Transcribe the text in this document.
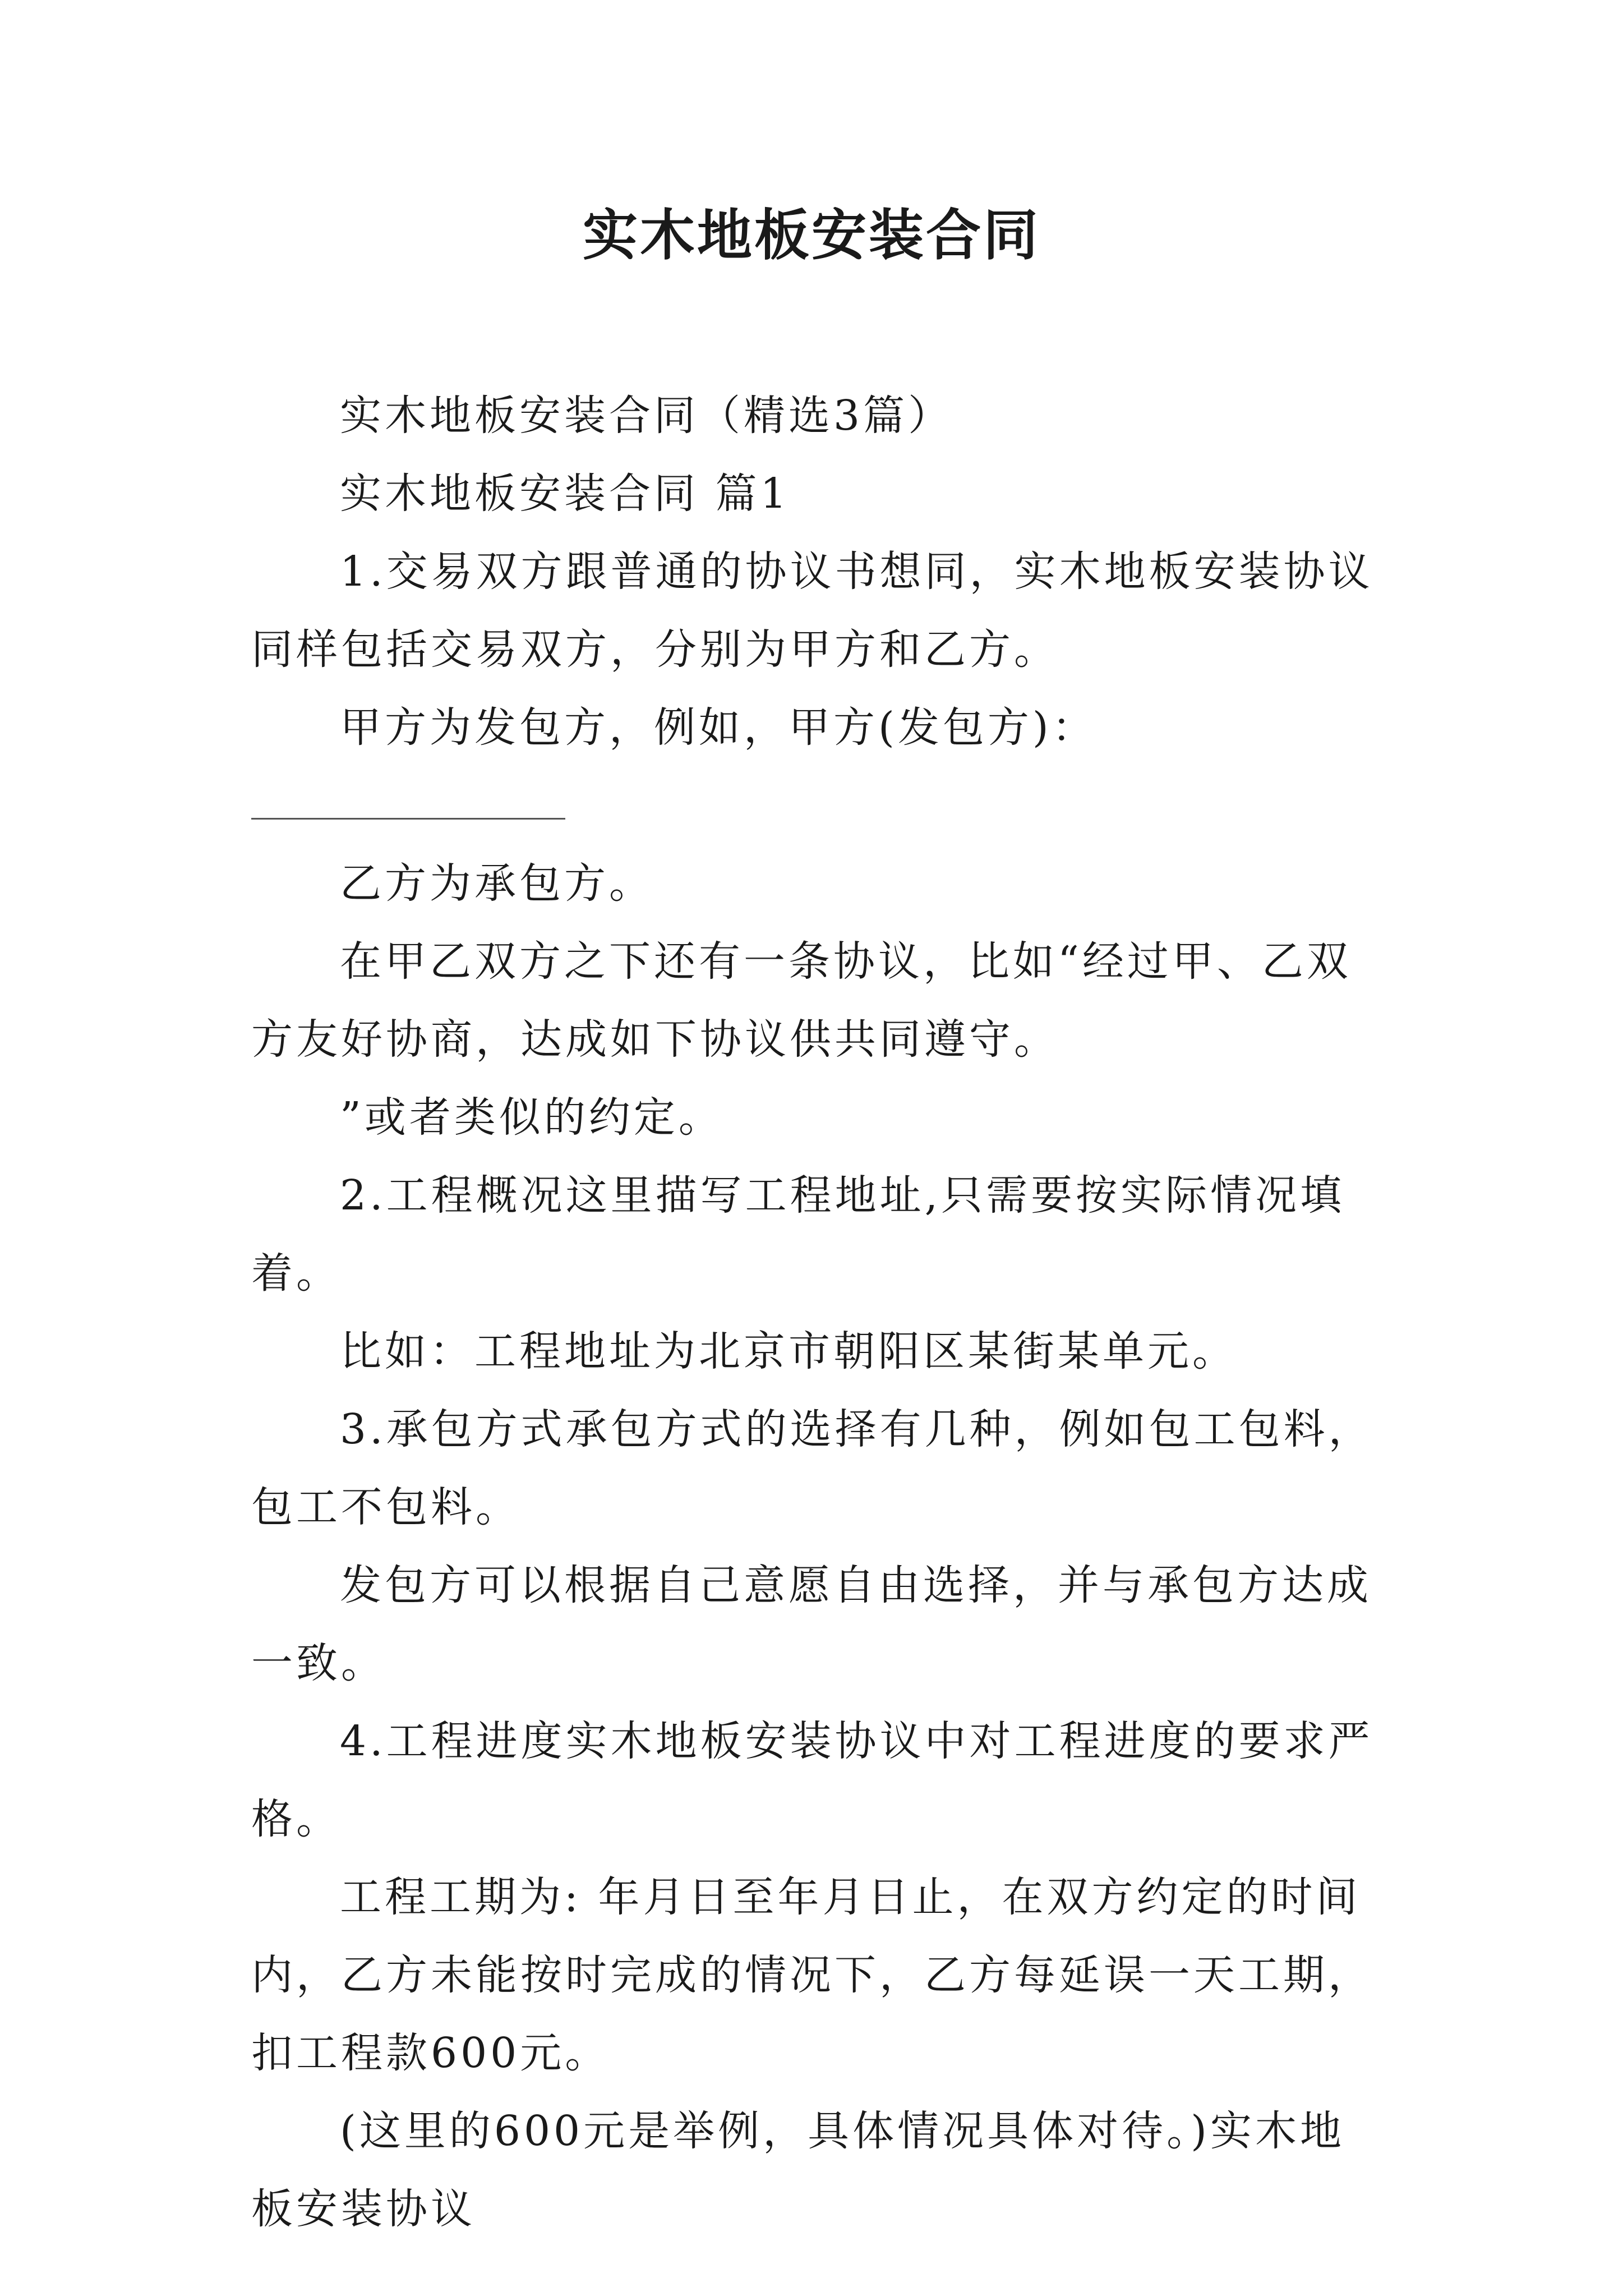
实木地板安装合同

实木地板安装合同（精选3篇）

实木地板安装合同 篇1

1.交易双方跟普通的协议书想同，实木地板安装协议同样包括交易双方，分别为甲方和乙方。

甲方为发包方，例如，甲方(发包方)：

乙方为承包方。

在甲乙双方之下还有一条协议，比如“经过甲、乙双方友好协商，达成如下协议供共同遵守。

”或者类似的约定。

2.工程概况这里描写工程地址,只需要按实际情况填着。

比如：工程地址为北京市朝阳区某街某单元。

3.承包方式承包方式的选择有几种，例如包工包料，包工不包料。

发包方可以根据自己意愿自由选择，并与承包方达成一致。

4.工程进度实木地板安装协议中对工程进度的要求严格。

工程工期为: 年月日至年月日止，在双方约定的时间内，乙方未能按时完成的情况下，乙方每延误一天工期，扣工程款600元。

(这里的600元是举例，具体情况具体对待。)实木地板安装协议
